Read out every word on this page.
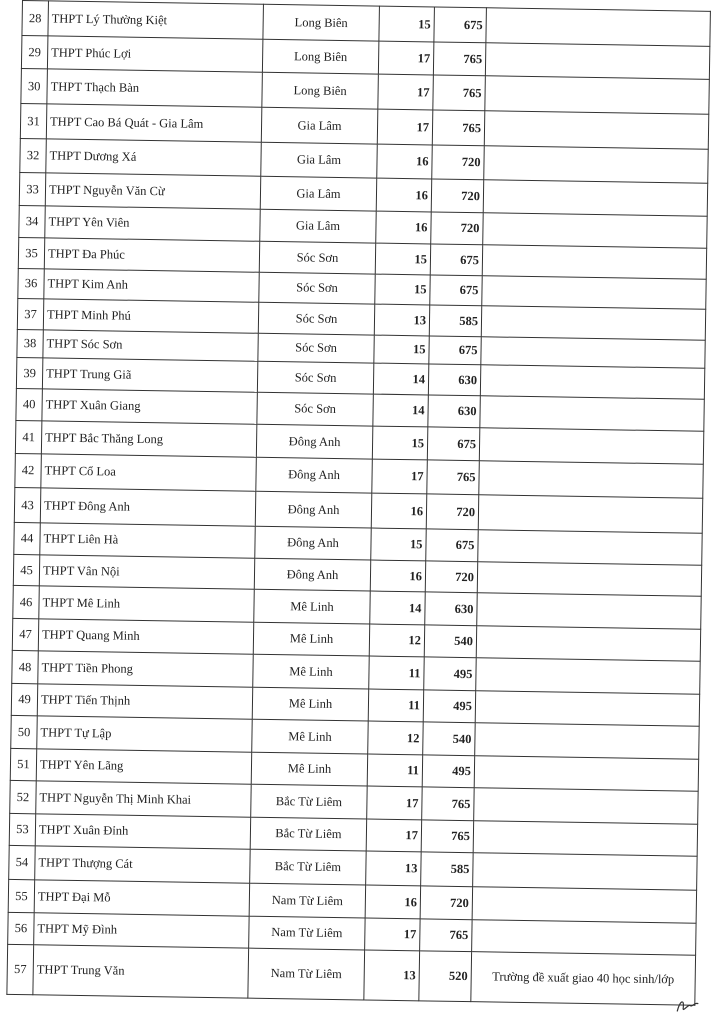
28	THPT Lý Thường Kiệt	Long Biên	15	675	
29	THPT Phúc Lợi	Long Biên	17	765	
30	THPT Thạch Bàn	Long Biên	17	765	
31	THPT Cao Bá Quát - Gia Lâm	Gia Lâm	17	765	
32	THPT Dương Xá	Gia Lâm	16	720	
33	THPT Nguyễn Văn Cừ	Gia Lâm	16	720	
34	THPT Yên Viên	Gia Lâm	16	720	
35	THPT Đa Phúc	Sóc Sơn	15	675	
36	THPT Kim Anh	Sóc Sơn	15	675	
37	THPT Minh Phú	Sóc Sơn	13	585	
38	THPT Sóc Sơn	Sóc Sơn	15	675	
39	THPT Trung Giã	Sóc Sơn	14	630	
40	THPT Xuân Giang	Sóc Sơn	14	630	
41	THPT Bắc Thăng Long	Đông Anh	15	675	
42	THPT Cổ Loa	Đông Anh	17	765	
43	THPT Đông Anh	Đông Anh	16	720	
44	THPT Liên Hà	Đông Anh	15	675	
45	THPT Vân Nội	Đông Anh	16	720	
46	THPT Mê Linh	Mê Linh	14	630	
47	THPT Quang Minh	Mê Linh	12	540	
48	THPT Tiền Phong	Mê Linh	11	495	
49	THPT Tiến Thịnh	Mê Linh	11	495	
50	THPT Tự Lập	Mê Linh	12	540	
51	THPT Yên Lãng	Mê Linh	11	495	
52	THPT Nguyễn Thị Minh Khai	Bắc Từ Liêm	17	765	
53	THPT Xuân Đỉnh	Bắc Từ Liêm	17	765	
54	THPT Thượng Cát	Bắc Từ Liêm	13	585	
55	THPT Đại Mỗ	Nam Từ Liêm	16	720	
56	THPT Mỹ Đình	Nam Từ Liêm	17	765	
57	THPT Trung Văn	Nam Từ Liêm	13	520	Trường đề xuất giao 40 học sinh/lớp
